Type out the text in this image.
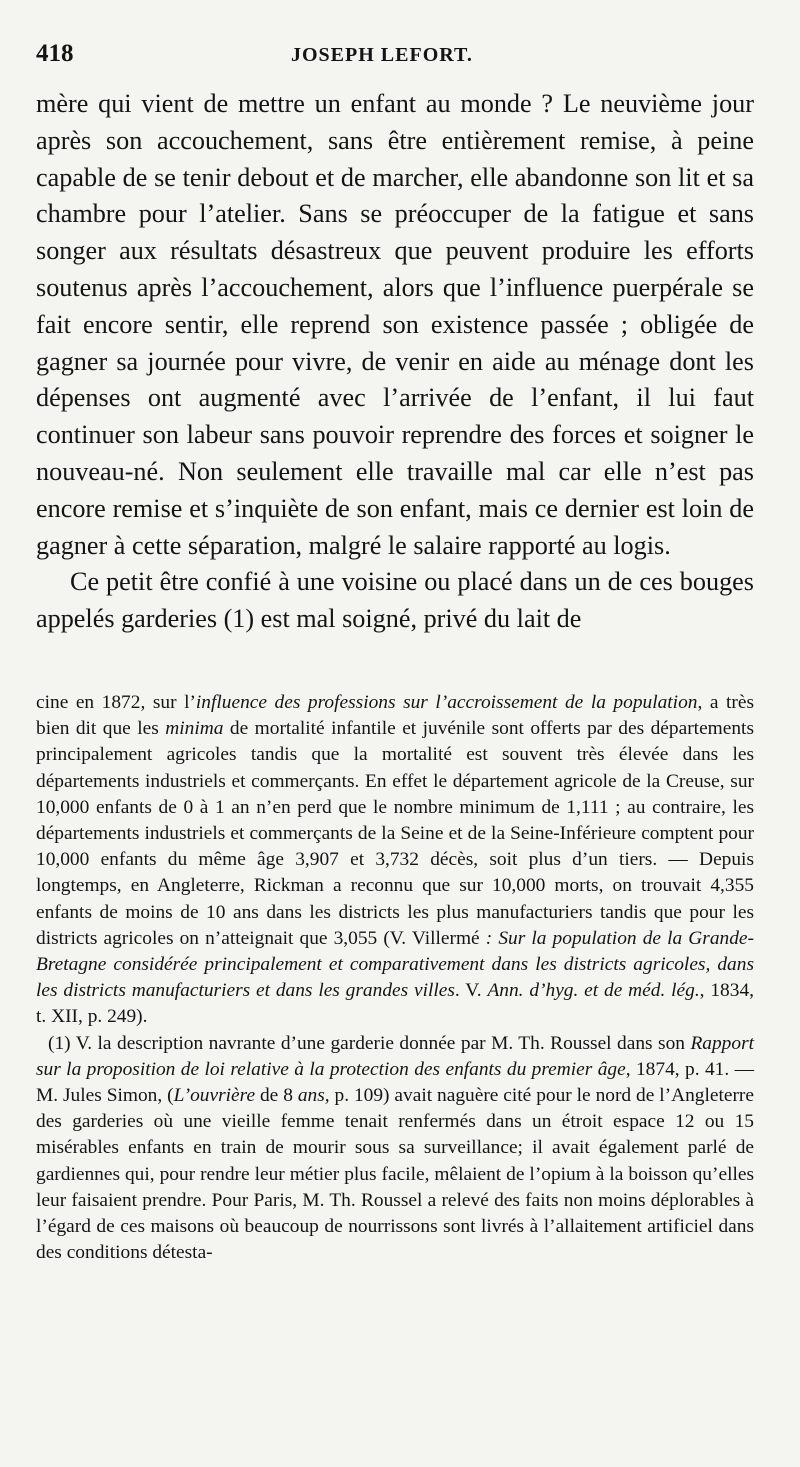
418	JOSEPH LEFORT.

mère qui vient de mettre un enfant au monde ? Le neuvième jour après son accouchement, sans être entièrement remise, à peine capable de se tenir debout et de marcher, elle abandonne son lit et sa chambre pour l’atelier. Sans se préoccuper de la fatigue et sans songer aux résultats désastreux que peuvent produire les efforts soutenus après l’accouchement, alors que l’influence puerpérale se fait encore sentir, elle reprend son existence passée ; obligée de gagner sa journée pour vivre, de venir en aide au ménage dont les dépenses ont augmenté avec l’arrivée de l’enfant, il lui faut continuer son labeur sans pouvoir reprendre des forces et soigner le nouveau-né. Non seulement elle travaille mal car elle n’est pas encore remise et s’inquiète de son enfant, mais ce dernier est loin de gagner à cette séparation, malgré le salaire rapporté au logis.

Ce petit être confié à une voisine ou placé dans un de ces bouges appelés garderies (1) est mal soigné, privé du lait de

cine en 1872, sur l’influence des professions sur l’accroissement de la population, a très bien dit que les minima de mortalité infantile et juvénile sont offerts par des départements principalement agricoles tandis que la mortalité est souvent très élevée dans les départements industriels et commerçants. En effet le département agricole de la Creuse, sur 10,000 enfants de 0 à 1 an n’en perd que le nombre minimum de 1,111 ; au contraire, les départements industriels et commerçants de la Seine et de la Seine-Inférieure comptent pour 10,000 enfants du même âge 3,907 et 3,732 décès, soit plus d’un tiers. — Depuis longtemps, en Angleterre, Rickman a reconnu que sur 10,000 morts, on trouvait 4,355 enfants de moins de 10 ans dans les districts les plus manufacturiers tandis que pour les districts agricoles on n’atteignait que 3,055 (V. Villermé : Sur la population de la Grande-Bretagne considérée principalement et comparativement dans les districts agricoles, dans les districts manufacturiers et dans les grandes villes. V. Ann. d’hyg. et de méd. lég., 1834, t. XII, p. 249).

(1) V. la description navrante d’une garderie donnée par M. Th. Roussel dans son Rapport sur la proposition de loi relative à la protection des enfants du premier âge, 1874, p. 41. — M. Jules Simon, (L’ouvrière de 8 ans, p. 109) avait naguère cité pour le nord de l’Angleterre des garderies où une vieille femme tenait renfermés dans un étroit espace 12 ou 15 misérables enfants en train de mourir sous sa surveillance; il avait également parlé de gardiennes qui, pour rendre leur métier plus facile, mêlaient de l’opium à la boisson qu’elles leur faisaient prendre. Pour Paris, M. Th. Roussel a relevé des faits non moins déplorables à l’égard de ces maisons où beaucoup de nourrissons sont livrés à l’allaitement artificiel dans des conditions détesta-
